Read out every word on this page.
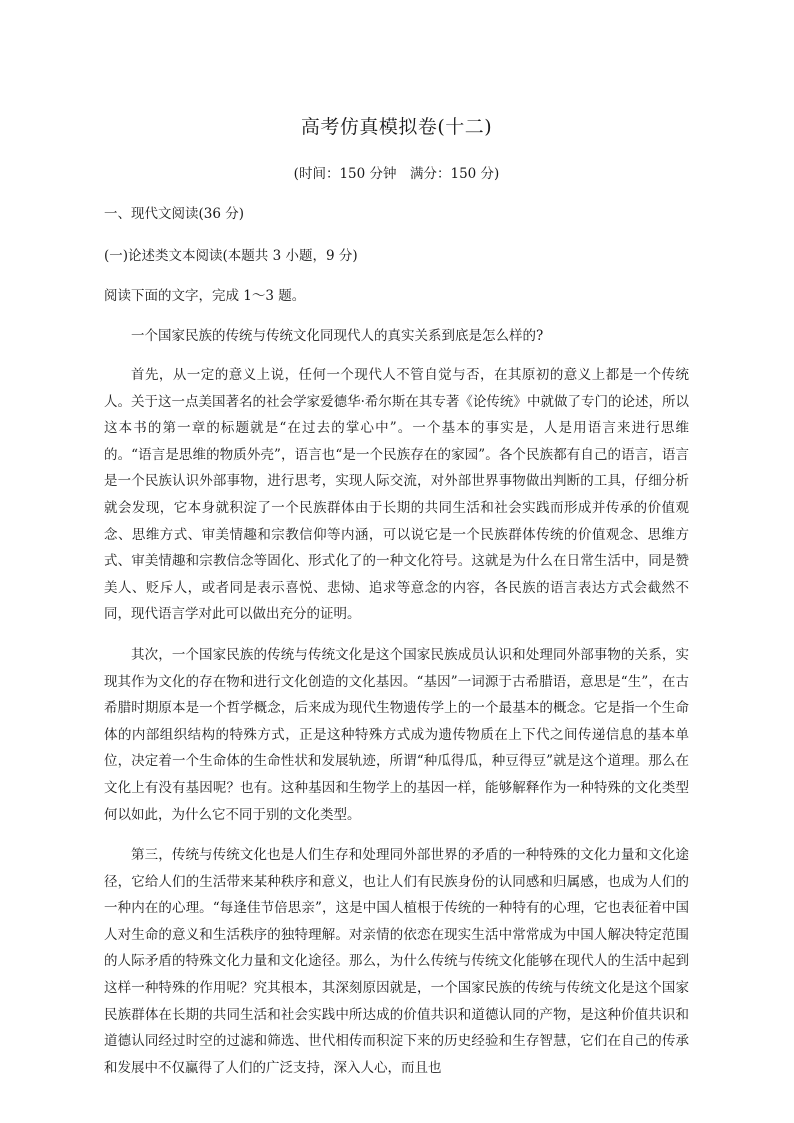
高考仿真模拟卷(十二)

(时间：150 分钟　满分：150 分)

一、现代文阅读(36 分)

(一)论述类文本阅读(本题共 3 小题，9 分)

阅读下面的文字，完成 1～3 题。

一个国家民族的传统与传统文化同现代人的真实关系到底是怎么样的?

首先，从一定的意义上说，任何一个现代人不管自觉与否，在其原初的意义上都是一个传统人。关于这一点美国著名的社会学家爱德华·希尔斯在其专著《论传统》中就做了专门的论述，所以这本书的第一章的标题就是“在过去的掌心中”。一个基本的事实是，人是用语言来进行思维的。“语言是思维的物质外壳”，语言也“是一个民族存在的家园”。各个民族都有自己的语言，语言是一个民族认识外部事物，进行思考，实现人际交流，对外部世界事物做出判断的工具，仔细分析就会发现，它本身就积淀了一个民族群体由于长期的共同生活和社会实践而形成并传承的价值观念、思维方式、审美情趣和宗教信仰等内涵，可以说它是一个民族群体传统的价值观念、思维方式、审美情趣和宗教信念等固化、形式化了的一种文化符号。这就是为什么在日常生活中，同是赞美人、贬斥人，或者同是表示喜悦、悲恸、追求等意念的内容，各民族的语言表达方式会截然不同，现代语言学对此可以做出充分的证明。

其次，一个国家民族的传统与传统文化是这个国家民族成员认识和处理同外部事物的关系，实现其作为文化的存在物和进行文化创造的文化基因。“基因”一词源于古希腊语，意思是“生”，在古希腊时期原本是一个哲学概念，后来成为现代生物遗传学上的一个最基本的概念。它是指一个生命体的内部组织结构的特殊方式，正是这种特殊方式成为遗传物质在上下代之间传递信息的基本单位，决定着一个生命体的生命性状和发展轨迹，所谓“种瓜得瓜，种豆得豆”就是这个道理。那么在文化上有没有基因呢？也有。这种基因和生物学上的基因一样，能够解释作为一种特殊的文化类型何以如此，为什么它不同于别的文化类型。

第三，传统与传统文化也是人们生存和处理同外部世界的矛盾的一种特殊的文化力量和文化途径，它给人们的生活带来某种秩序和意义，也让人们有民族身份的认同感和归属感，也成为人们的一种内在的心理。“每逢佳节倍思亲”，这是中国人植根于传统的一种特有的心理，它也表征着中国人对生命的意义和生活秩序的独特理解。对亲情的依恋在现实生活中常常成为中国人解决特定范围的人际矛盾的特殊文化力量和文化途径。那么，为什么传统与传统文化能够在现代人的生活中起到这样一种特殊的作用呢？究其根本，其深刻原因就是，一个国家民族的传统与传统文化是这个国家民族群体在长期的共同生活和社会实践中所达成的价值共识和道德认同的产物，是这种价值共识和道德认同经过时空的过滤和筛选、世代相传而积淀下来的历史经验和生存智慧，它们在自己的传承和发展中不仅赢得了人们的广泛支持，深入人心，而且也
